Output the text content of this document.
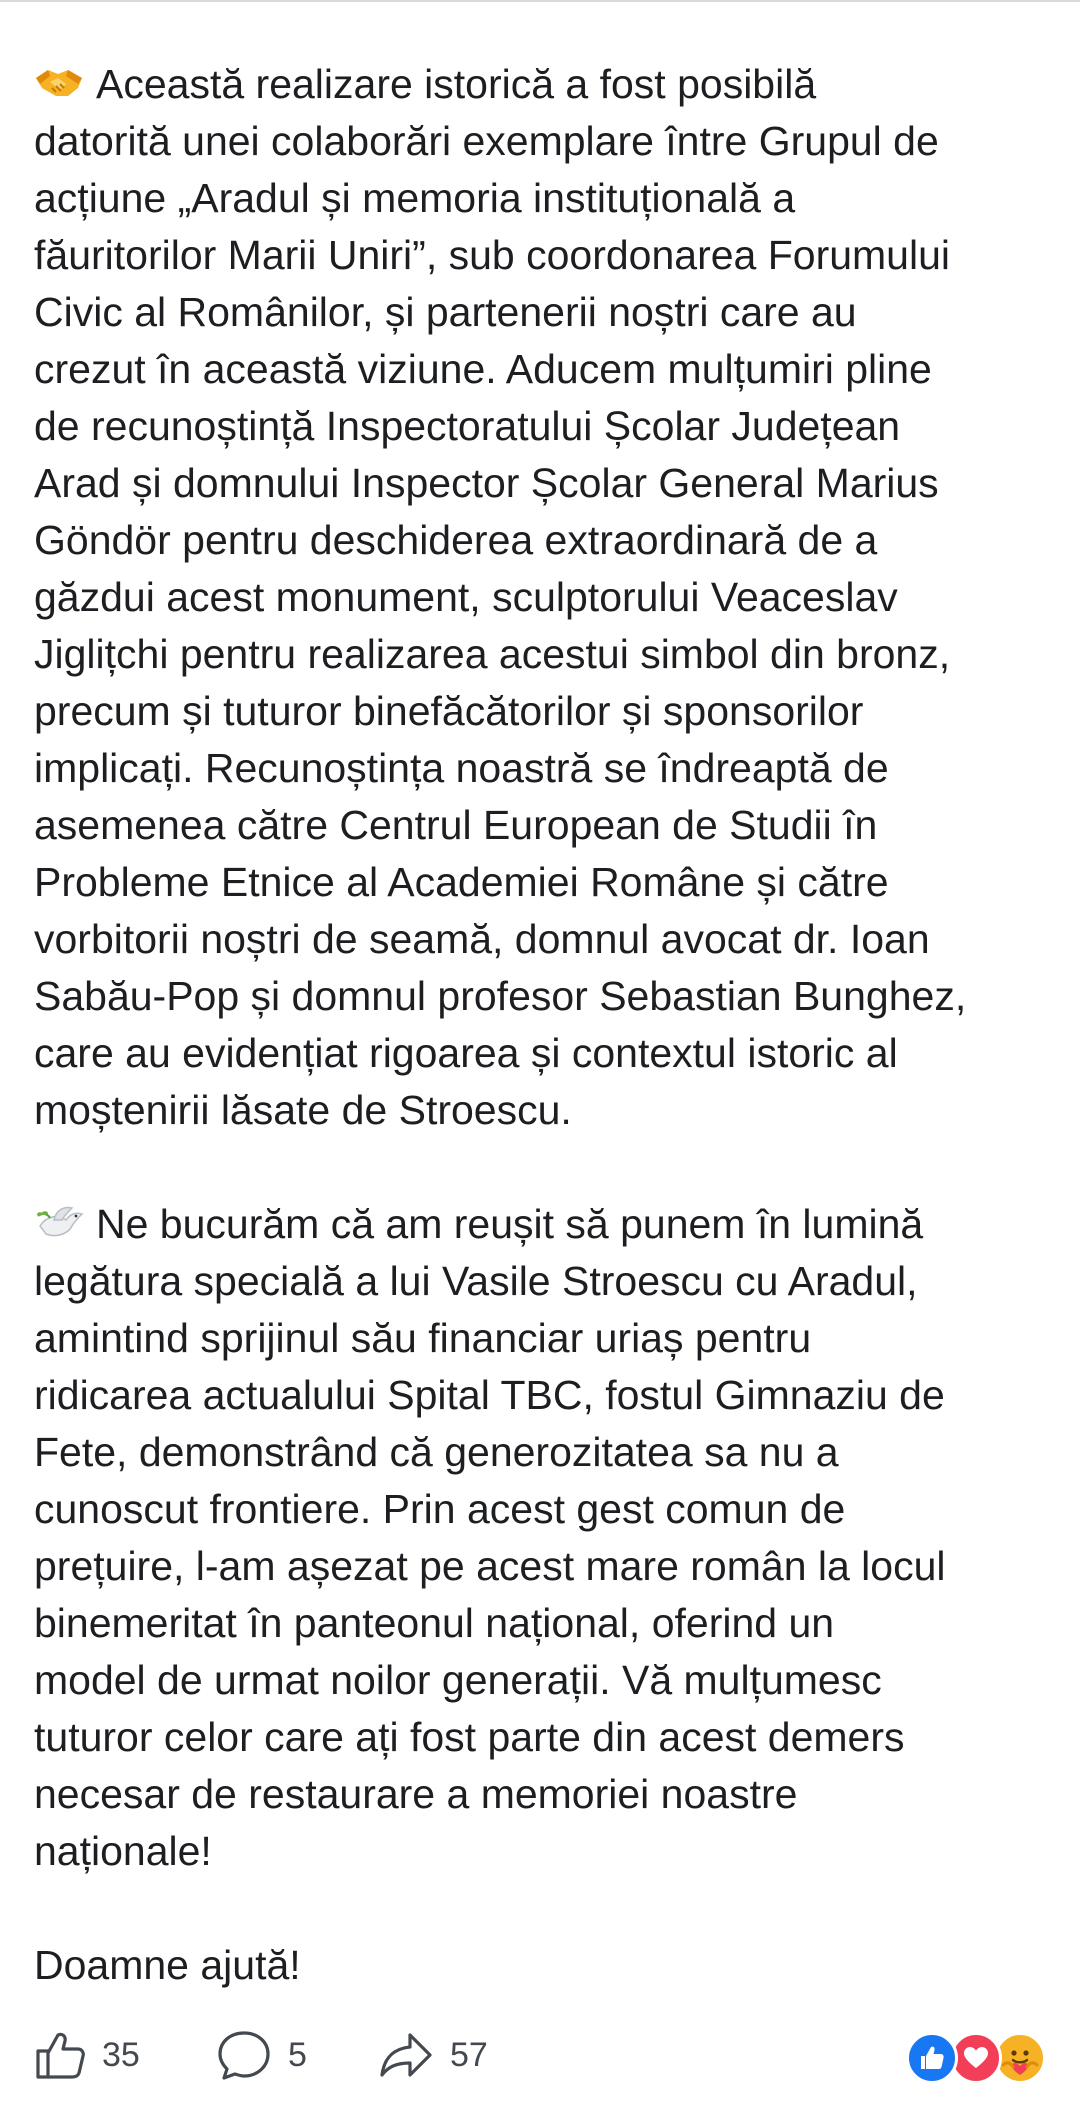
Această realizare istorică a fost posibilă
datorită unei colaborări exemplare între Grupul de
acțiune „Aradul și memoria instituțională a
făuritorilor Marii Uniri”, sub coordonarea Forumului
Civic al Românilor, și partenerii noștri care au
crezut în această viziune. Aducem mulțumiri pline
de recunoștință Inspectoratului Școlar Județean
Arad și domnului Inspector Școlar General Marius
Göndör pentru deschiderea extraordinară de a
găzdui acest monument, sculptorului Veaceslav
Jiglițchi pentru realizarea acestui simbol din bronz,
precum și tuturor binefăcătorilor și sponsorilor
implicați. Recunoștința noastră se îndreaptă de
asemenea către Centrul European de Studii în
Probleme Etnice al Academiei Române și către
vorbitorii noștri de seamă, domnul avocat dr. Ioan
Sabău-Pop și domnul profesor Sebastian Bunghez,
care au evidențiat rigoarea și contextul istoric al
moștenirii lăsate de Stroescu.
Ne bucurăm că am reușit să punem în lumină
legătura specială a lui Vasile Stroescu cu Aradul,
amintind sprijinul său financiar uriaș pentru
ridicarea actualului Spital TBC, fostul Gimnaziu de
Fete, demonstrând că generozitatea sa nu a
cunoscut frontiere. Prin acest gest comun de
prețuire, l-am așezat pe acest mare român la locul
binemeritat în panteonul național, oferind un
model de urmat noilor generații. Vă mulțumesc
tuturor celor care ați fost parte din acest demers
necesar de restaurare a memoriei noastre
naționale!
Doamne ajută!
35	5	57
